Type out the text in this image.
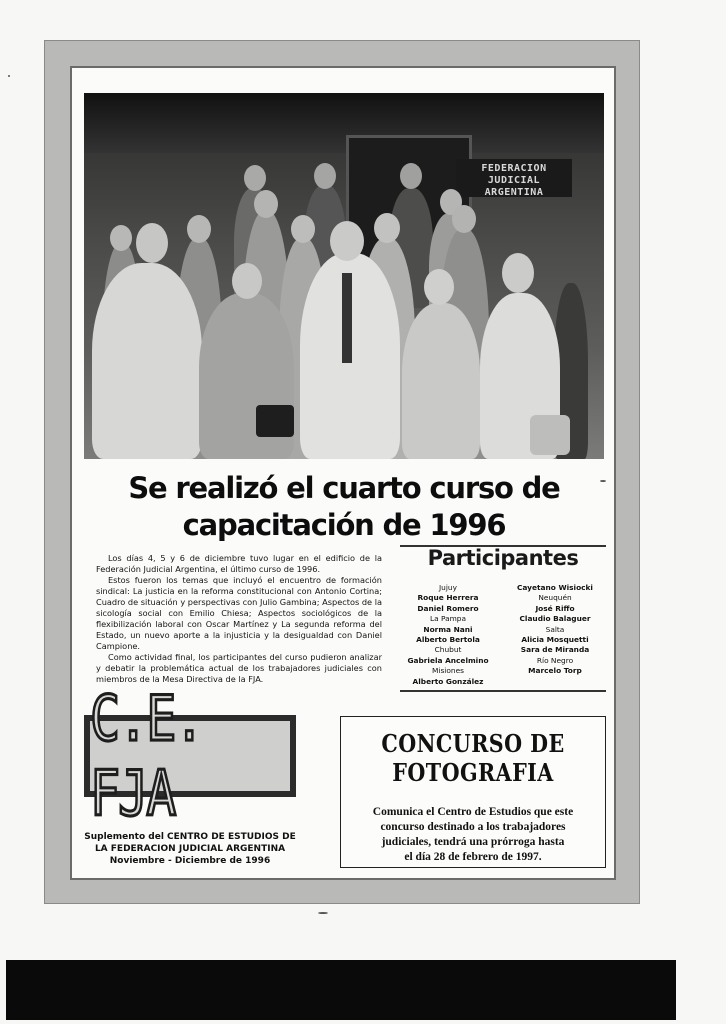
FEDERACION JUDICIAL
ARGENTINA
Se realizó el cuarto curso de
capacitación de 1996

Los días 4, 5 y 6 de diciembre tuvo lugar en el edificio de la Federación Judicial Argentina, el último curso de 1996.

Estos fueron los temas que incluyó el encuentro de formación sindical: La justicia en la reforma constitucional con Antonio Cortina; Cuadro de situación y perspectivas con Julio Gambina; Aspectos de la sicología social con Emilio Chiesa; Aspectos sociológicos de la flexibilización laboral con Oscar Martínez y La segunda reforma del Estado, un nuevo aporte a la injusticia y la desigualdad con Daniel Campione.

Como actividad final, los participantes del curso pudieron analizar y debatir la problemática actual de los trabajadores judiciales con miembros de la Mesa Directiva de la FJA.

Participantes
Jujuy
Roque Herrera
Daniel Romero
La Pampa
Norma Nani
Alberto Bertola
Chubut
Gabriela Ancelmino
Misiones
Alberto González
Cayetano Wisiocki
Neuquén
José Riffo
Claudio Balaguer
Salta
Alicia Mosquetti
Sara de Miranda
Río Negro
Marcelo Torp
C.E. FJA
Suplemento del CENTRO DE ESTUDIOS DE
LA FEDERACION JUDICIAL ARGENTINA
Noviembre - Diciembre de 1996
CONCURSO DE
FOTOGRAFIA
Comunica el Centro de Estudios que este
concurso destinado a los trabajadores
judiciales, tendrá una prórroga hasta
el día 28 de febrero de 1997.
